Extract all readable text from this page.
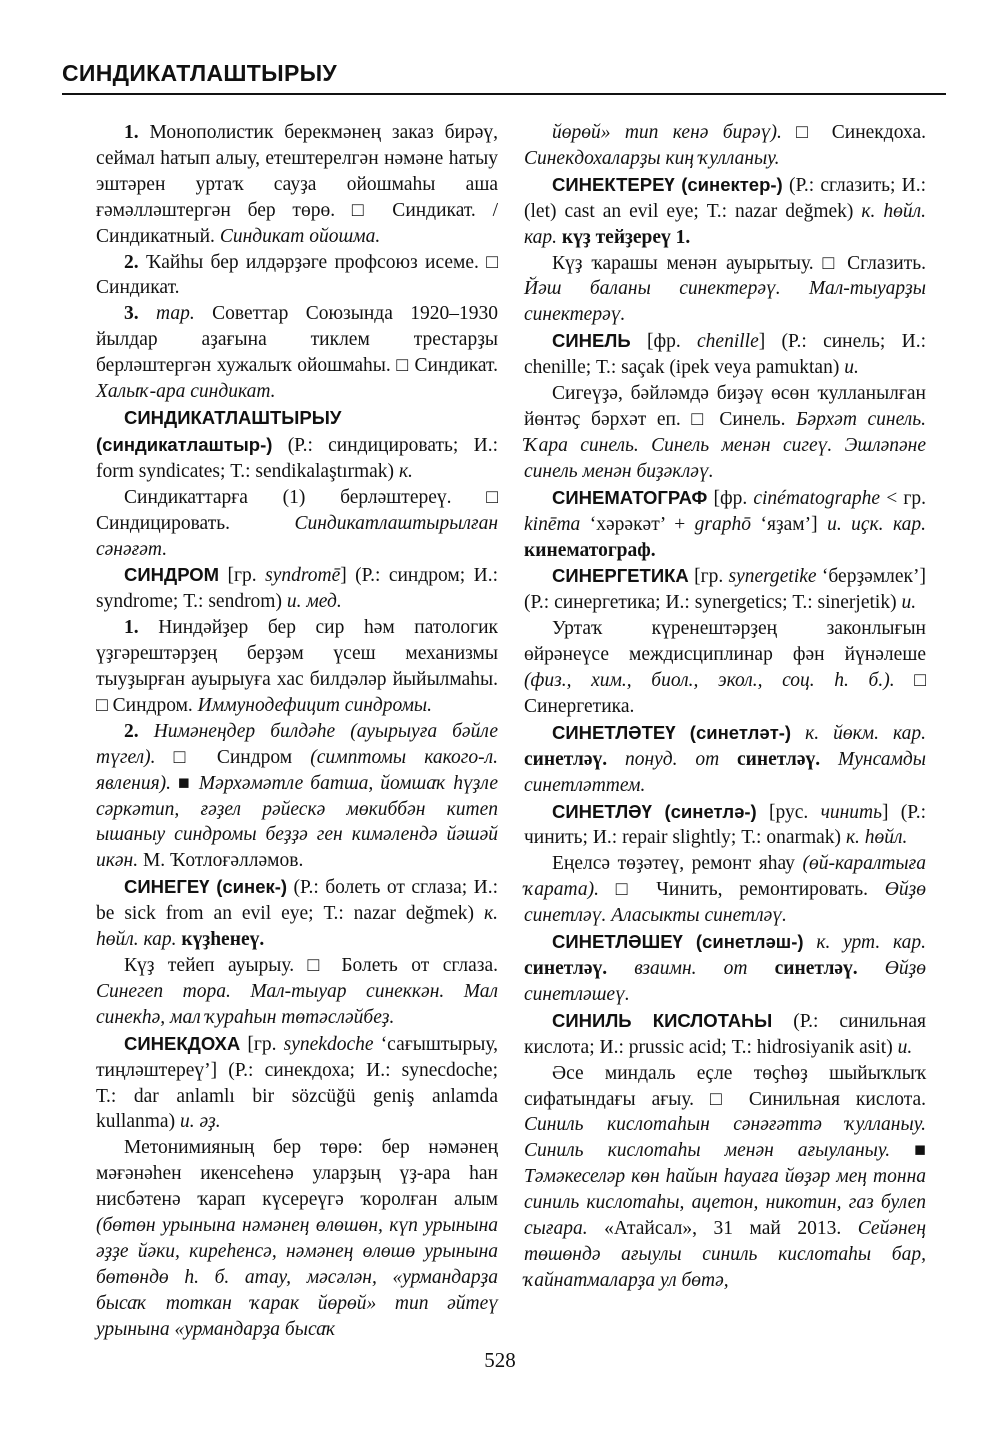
СИНДИКАТЛАШТЫРЫУ

1. Монополистик берекмәнең заказ бирәү, сеймал һатып алыу, етештерелгән нәмәне һатыу эштәрен уртаҡ сауҙа ойошмаһы аша ғәмәлләштергән бер төрө. □ Синдикат. / Синдикатный. Синдикат ойошма.

2. Ҡайһы бер илдәрҙәге профсоюз исеме. □ Синдикат.

3. тар. Советтар Союзында 1920–1930 йылдар аҙағына тиклем трестарҙы берләштергән хужалыҡ ойошмаһы. □ Синдикат. Халыҡ-ара синдикат.

СИНДИКАТЛАШТЫРЫУ (синдикатлаштыр-) (Р.: синдицировать; И.: form syndicates; Т.: sendikalaştırmak) к.

Синдикаттарға (1) берләштереү. □ Синдицировать. Синдикатлаштырылған сәнәғәт.

СИНДРОМ [гр. syndromē] (Р.: синдром; И.: syndrome; Т.: sendrom) и. мед.

1. Ниндәйҙер бер сир һәм патологик үҙгәрештәрҙең берҙәм үсеш механизмы тыуҙырған ауырыуға хас билдәләр йыйылмаһы. □ Синдром. Иммунодефицит синдромы.

2. Нимәнеңдер билдәһе (ауырыуға бәйле түгел). □ Синдром (симптомы какого-л. явления). ■ Мәрхәмәтле батша, йомшаҡ һүҙле сәркәтип, ғәҙел рәйескә мөкиббән китеп ышаныу синдромы беҙҙә ген кимәлендә йәшәй икән. М. Ҡотлоғәлләмов.

СИНЕГЕҮ (синек-) (Р.: болеть от сглаза; И.: be sick from an evil eye; Т.: nazar değmek) к. һөйл. кар. күҙһенеү.

Күҙ тейеп ауырыу. □ Болеть от сглаза. Синегеп тора. Мал-тыуар синеккән. Мал синекһә, мал ҡураһын төтәсләйбеҙ.

СИНЕКДОХА [гр. synekdoche ‘сағыштырыу, тиңләштереү’] (Р.: синекдоха; И.: synecdoche; Т.: dar anlamlı bir sözcüğü geniş anlamda kullanma) и. әҙ.

Метонимияның бер төрө: бер нәмәнең мәғәнәһен икенсеһенә уларҙың үҙ-ара һан нисбәтенә ҡарап күсереүгә ҡоролған алым (бөтөн урынына нәмәнең өлөшөн, күп урынына әҙҙе йәки, киреһенсә, нәмәнең өлөшө урынына бөтөндө һ. б. атау, мәсәлән, «урмандарҙа бысаҡ тоткан ҡарак йөрөй» тип әйтеү урынына «урмандарҙа бысаҡ

йөрөй» тип кенә бирәү). □ Синекдоха. Синекдохаларҙы киң ҡулланыу.

СИНЕКТЕРЕҮ (синектер-) (Р.: сглазить; И.: (let) cast an evil eye; Т.: nazar değmek) к. һөйл. кар. күҙ тейҙереү 1.

Күҙ ҡарашы менән ауырытыу. □ Сглазить. Йәш баланы синектерәү. Мал-тыуарҙы синектерәү.

СИНЕЛЬ [фр. chenille] (Р.: синель; И.: chenille; Т.: saçak (ipek veya pamuktan) и.

Сигеүҙә, бәйләмдә биҙәү өсөн ҡулланылған йөнтәҫ бәрхәт еп. □ Синель. Бәрхәт синель. Ҡара синель. Синель менән сигеү. Эшләпәне синель менән биҙәкләү.

СИНЕМАТОГРАФ [фр. cinématographe < гр. kinēma ‘хәрәкәт’ + graphō ‘яҙам’] и. иҫк. кар. кинематограф.

СИНЕРГЕТИКА [гр. synergetike ‘берҙәмлек’] (Р.: синергетика; И.: synergetics; Т.: sinerjetik) и.

Уртаҡ күренештәрҙең законлығын өйрәнеүсе междисциплинар фән йүнәлеше (физ., хим., биол., экол., соц. һ. б.). □ Синергетика.

СИНЕТЛӘТЕҮ (синетләт-) к. йөкм. кар. синетләү. понуд. от синетләү. Мунсамды синетләттем.

СИНЕТЛӘҮ (синетлә-) [рус. чинить] (Р.: чинить; И.: repair slightly; Т.: onarmak) к. һөйл.

Еңелсә төҙәтеү, ремонт яһау (өй-каралтыға ҡарата). □ Чинить, ремонтировать. Өйҙө синетләү. Аласыкты синетләү.

СИНЕТЛӘШЕҮ (синетләш-) к. урт. кар. синетләү. взаимн. от синетләү. Өйҙө синетләшеү.

СИНИЛЬ КИСЛОТАҺЫ (Р.: синильная кислота; И.: prussic acid; Т.: hidrosiyanik asit) и.

Әсе миндаль еҫле төҫһөҙ шыйыҡлыҡ сифатындағы ағыу. □ Синильная кислота. Синиль кислотаһын сәнәғәттә ҡулланыу. Синиль кислотаһы менән ағыуланыу. ■ Тәмәкеселәр көн һайын һауаға йөҙәр мең тонна синиль кислотаһы, ацетон, никотин, газ булеп сығара. «Атайсал», 31 май 2013. Сейәнең төшөндә ағыулы синиль кислотаһы бар, ҡайнатмаларҙа ул бөтә,

528
